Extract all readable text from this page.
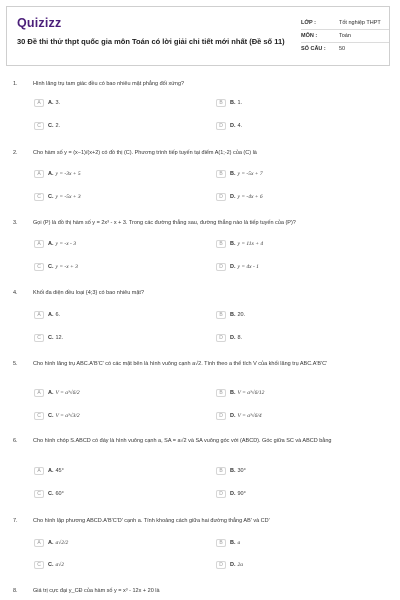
Quizizz
30 Đề thi thử thpt quốc gia môn Toán có lời giải chi tiết mới nhất (Đề số 11)
LỚP :	Tốt nghiệp THPT
MÔN :	Toán
SỐ CÂU :	50
1.	Hình lăng trụ tam giác đều có bao nhiêu mặt phẳng đối xứng?
A	A. 3.	B	B. 1.
C	C. 2.	D	D. 4.
2.	Cho hàm số y = (x−1)/(x+2) có đồ thị (C). Phương trình tiếp tuyến tại điểm A(1;-2) của (C) là
A	A. y = -3x + 5	B	B. y = -5x + 7
C	C. y = -5x + 3	D	D. y = -4x + 6
3.	Gọi (P) là đồ thị hàm số y = 2x³ - x + 3. Trong các đường thẳng sau, đường thẳng nào là tiếp tuyến của (P)?
A	A. y = -x - 3	B	B. y = 11x + 4
C	C. y = -x + 3	D	D. y = 4x - 1
4.	Khối đa diện đều loại {4;3} có bao nhiêu mặt?
A	A. 6.	B	B. 20.
C	C. 12.	D	D. 8.
5.	Cho hình lăng trụ ABC.A'B'C' có các mặt bên là hình vuông cạnh a√2. Tính theo a thể tích V của khối lăng trụ ABC.A'B'C'
A	A. V = a³√6/2	B	B. V = a³√6/12
C	C. V = a³√3/2	D	D. V = a³√6/4
6.	Cho hình chóp S.ABCD có đáy là hình vuông cạnh a, SA = a√2 và SA vuông góc với (ABCD). Góc giữa SC và ABCD bằng
A	A. 45°	B	B. 30°
C	C. 60°	D	D. 90°
7.	Cho hình lập phương ABCD.A'B'C'D' cạnh a. Tính khoảng cách giữa hai đường thẳng AB' và CD'
A	A. a√2/2	B	B. a
C	C. a√2	D	D. 2a
8.	Giá trị cực đại y_CĐ của hàm số y = x³ - 12x + 20 là
